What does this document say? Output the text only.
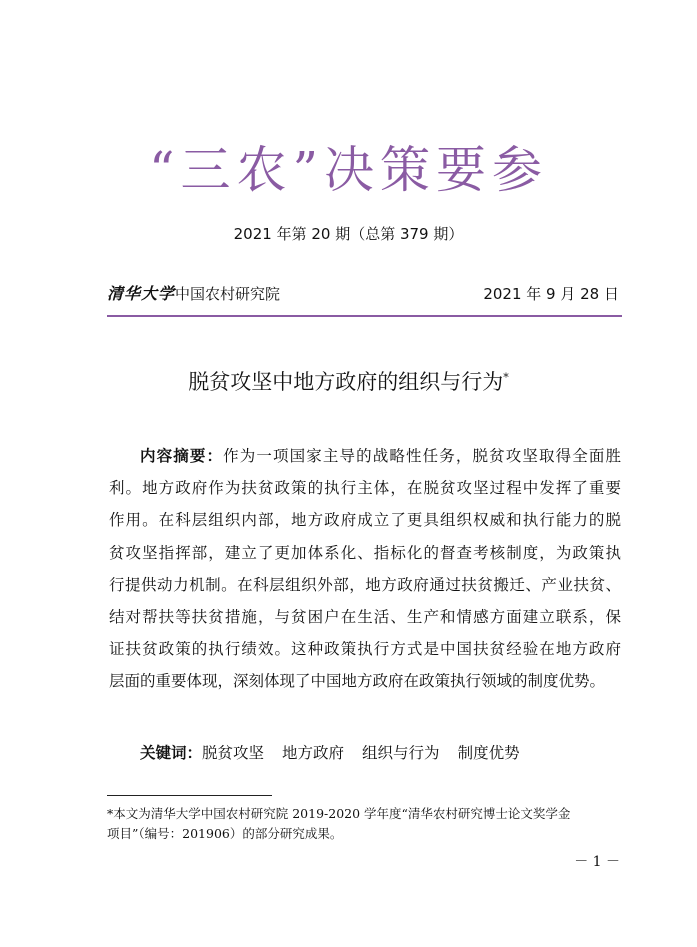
“三农”决策要参
2021 年第 20 期（总第 379 期）
清华大学 中国农村研究院	2021 年 9 月 28 日
脱贫攻坚中地方政府的组织与行为*
内容摘要：作为一项国家主导的战略性任务，脱贫攻坚取得全面胜
利。地方政府作为扶贫政策的执行主体，在脱贫攻坚过程中发挥了重要
作用。在科层组织内部，地方政府成立了更具组织权威和执行能力的脱
贫攻坚指挥部，建立了更加体系化、指标化的督查考核制度，为政策执
行提供动力机制。在科层组织外部，地方政府通过扶贫搬迁、产业扶贫、
结对帮扶等扶贫措施，与贫困户在生活、生产和情感方面建立联系，保
证扶贫政策的执行绩效。这种政策执行方式是中国扶贫经验在地方政府
层面的重要体现，深刻体现了中国地方政府在政策执行领域的制度优势。
关键词：脱贫攻坚 地方政府 组织与行为 制度优势
*本文为清华大学中国农村研究院 2019-2020 学年度“清华农村研究博士论文奖学金
项目”（编号：201906）的部分研究成果。
－ 1 －
